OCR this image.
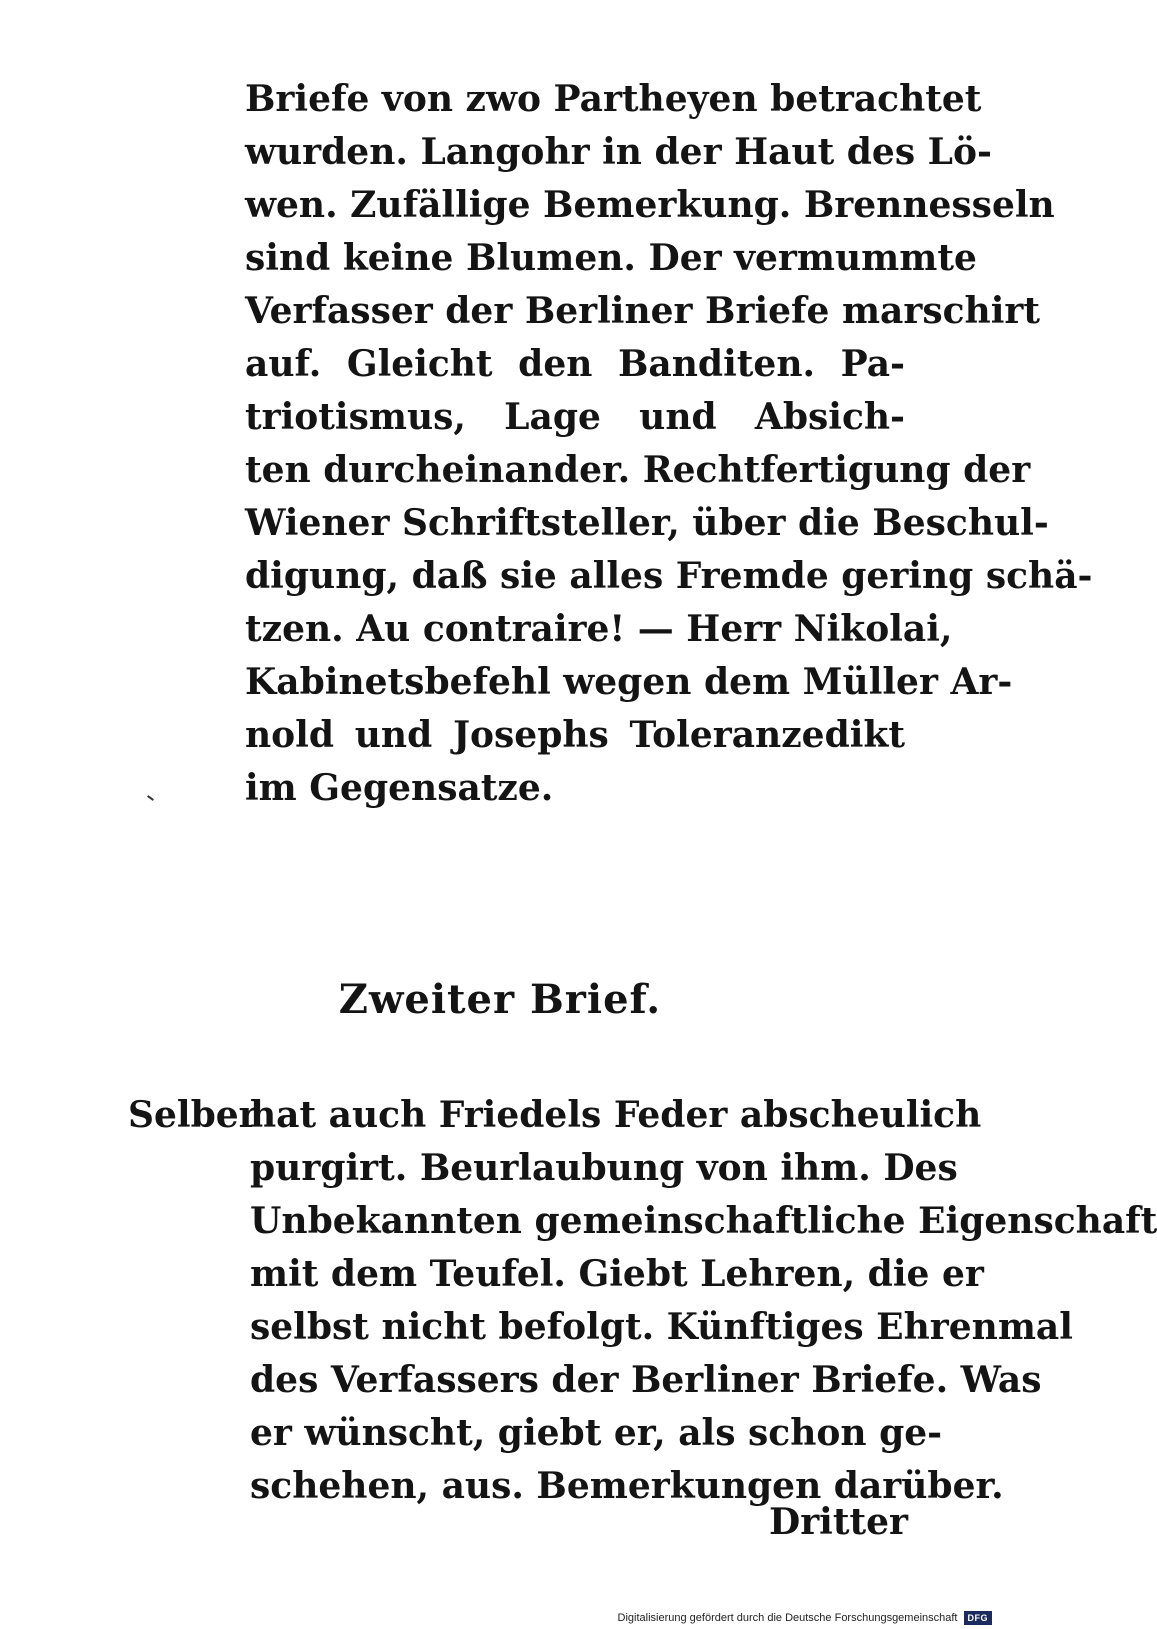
Briefe von zwo Partheyen betrachtet
wurden. Langohr in der Haut des Lö-
wen. Zufällige Bemerkung. Brennesseln
sind keine Blumen. Der vermummte
Verfasser der Berliner Briefe marschirt
auf. Gleicht den Banditen. Pa-
triotismus, Lage und Absich-
ten durcheinander. Rechtfertigung der
Wiener Schriftsteller, über die Beschul-
digung, daß sie alles Fremde gering schä-
tzen. Au contraire! — Herr Nikolai,
Kabinetsbefehl wegen dem Müller Ar-
nold und Josephs Toleranzedikt
im Gegensatze.
Zweiter Brief.
Selber
hat auch Friedels Feder abscheulich
purgirt. Beurlaubung von ihm. Des
Unbekannten gemeinschaftliche Eigenschaft
mit dem Teufel. Giebt Lehren, die er
selbst nicht befolgt. Künftiges Ehrenmal
des Verfassers der Berliner Briefe. Was
er wünscht, giebt er, als schon ge-
schehen, aus. Bemerkungen darüber.
Dritter
Digitalisierung gefördert durch die Deutsche Forschungsgemeinschaft	DFG
